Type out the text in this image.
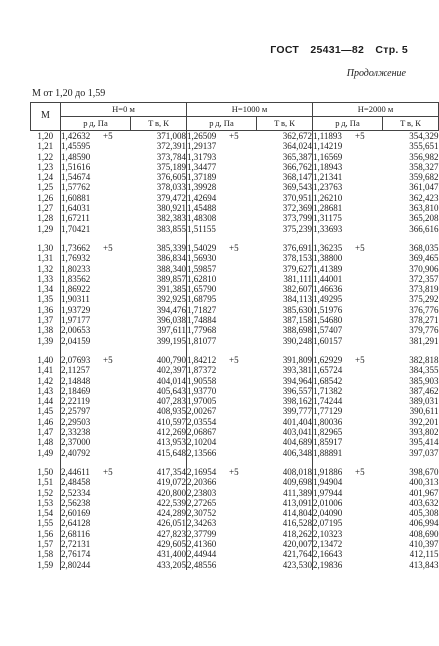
ГОСТ 25431—82 Стр. 5
Продолжение
М от 1,20 до 1,59
М	Н=0 м		Н=1000 м		Н=2000 м	
	p д, Па	T в, К	p д, Па	T в, К	p д, Па	T в, К
1,20	1,42632 +5	371,008	1,26509 +5	362,672	1,11893 +5	354,329
1,21	1,45595	372,391	1,29137	364,024	1,14219	355,651
1,22	1,48590	373,784	1,31793	365,387	1,16569	356,982
1,23	1,51616	375,189	1,34477	366,762	1,18943	358,327
1,24	1,54674	376,605	1,37189	368,147	1,21341	359,682
1,25	1,57762	378,033	1,39928	369,543	1,23763	361,047
1,26	1,60881	379,472	1,42694	370,951	1,26210	362,423
1,27	1,64031	380,921	1,45488	372,369	1,28681	363,810
1,28	1,67211	382,383	1,48308	373,799	1,31175	365,208
1,29	1,70421	383,855	1,51155	375,239	1,33693	366,616

1,30	1,73662 +5	385,339	1,54029 +5	376,691	1,36235 +5	368,035
1,31	1,76932	386,834	1,56930	378,153	1,38800	369,465
1,32	1,80233	388,340	1,59857	379,627	1,41389	370,906
1,33	1,83562	389,857	1,62810	381,111	1,44001	372,357
1,34	1,86922	391,385	1,65790	382,607	1,46636	373,819
1,35	1,90311	392,925	1,68795	384,113	1,49295	375,292
1,36	1,93729	394,476	1,71827	385,630	1,51976	376,776
1,37	1,97177	396,038	1,74884	387,158	1,54680	378,271
1,38	2,00653	397,611	1,77968	388,698	1,57407	379,776
1,39	2,04159	399,195	1,81077	390,248	1,60157	381,291

1,40	2,07693 +5	400,790	1,84212 +5	391,809	1,62929 +5	382,818
1,41	2,11257	402,397	1,87372	393,381	1,65724	384,355
1,42	2,14848	404,014	1,90558	394,964	1,68542	385,903
1,43	2,18469	405,643	1,93770	396,557	1,71382	387,462
1,44	2,22119	407,283	1,97005	398,162	1,74244	389,031
1,45	2,25797	408,935	2,00267	399,777	1,77129	390,611
1,46	2,29503	410,597	2,03554	401,404	1,80036	392,201
1,47	2,33238	412,269	2,06867	403,041	1,82965	393,802
1,48	2,37000	413,953	2,10204	404,689	1,85917	395,414
1,49	2,40792	415,648	2,13566	406,348	1,88891	397,037

1,50	2,44611 +5	417,354	2,16954 +5	408,018	1,91886 +5	398,670
1,51	2,48458	419,072	2,20366	409,698	1,94904	400,313
1,52	2,52334	420,800	2,23803	411,389	1,97944	401,967
1,53	2,56238	422,539	2,27265	413,091	2,01006	403,632
1,54	2,60169	424,289	2,30752	414,804	2,04090	405,308
1,55	2,64128	426,051	2,34263	416,528	2,07195	406,994
1,56	2,68116	427,823	2,37799	418,262	2,10323	408,690
1,57	2,72131	429,605	2,41360	420,007	2,13472	410,397
1,58	2,76174	431,400	2,44944	421,764	2,16643	412,115
1,59	2,80244	433,205	2,48556	423,530	2,19836	413,843
